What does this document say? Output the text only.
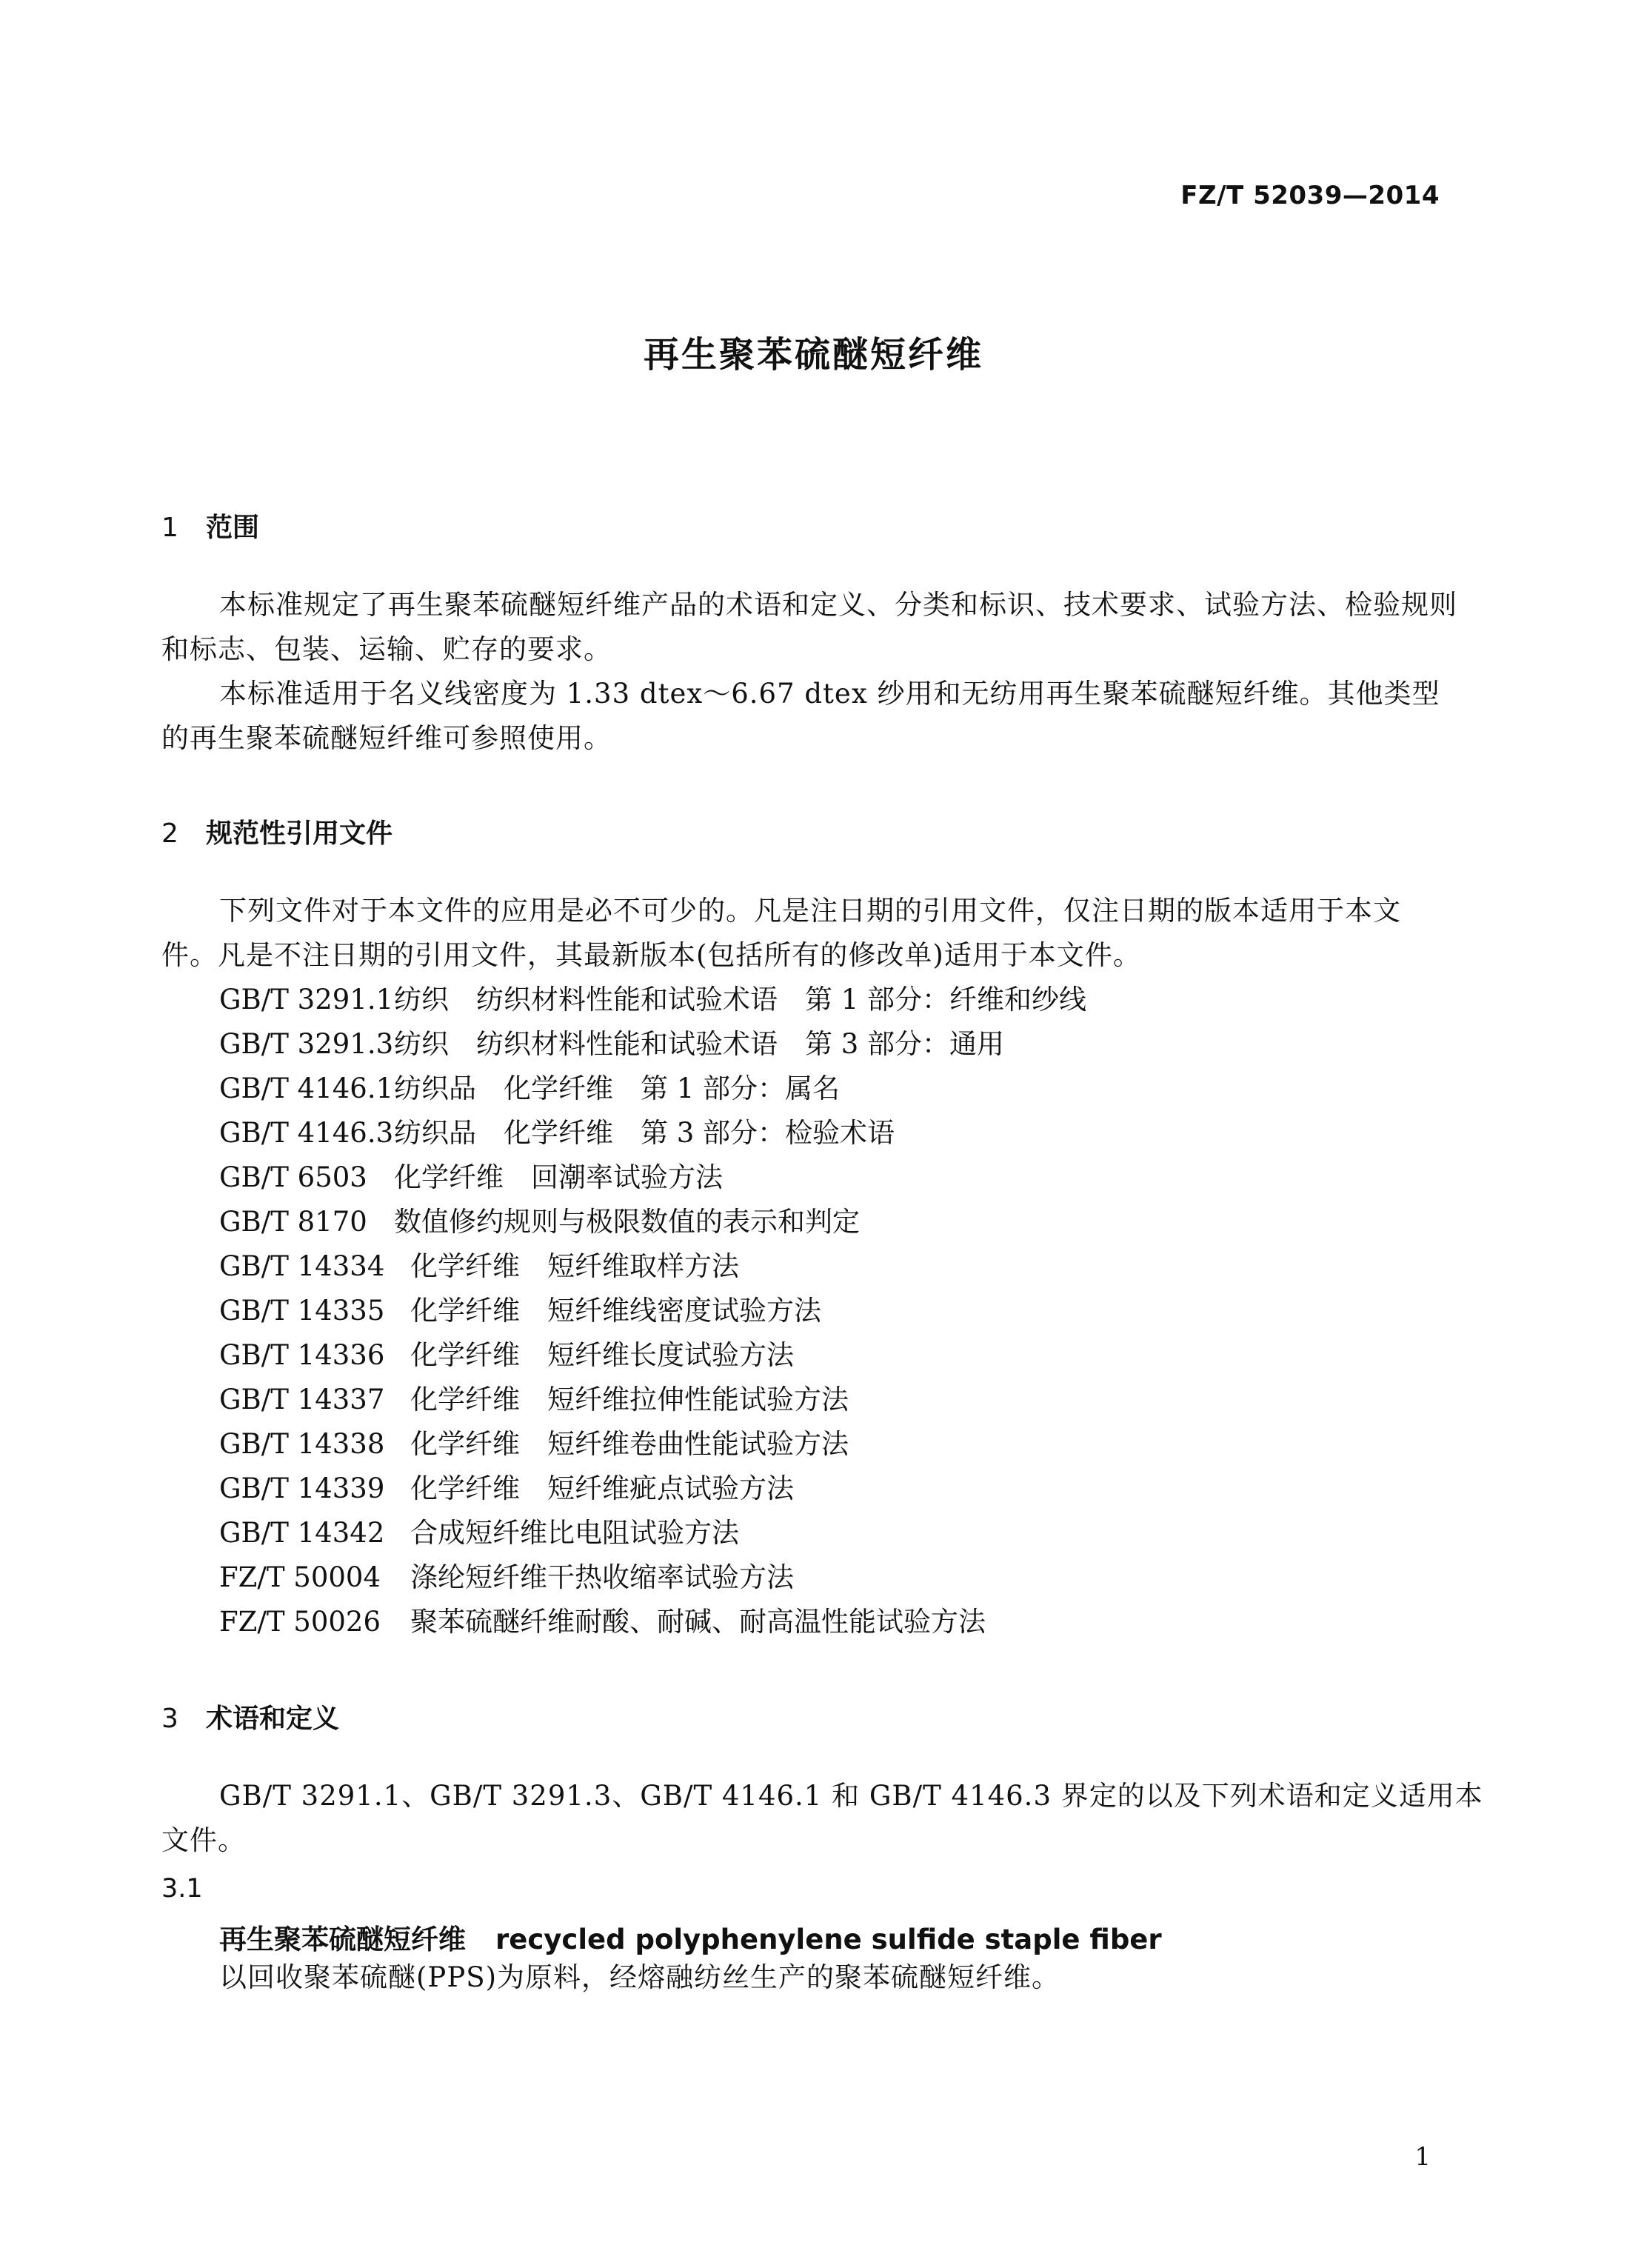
FZ/T 52039—2014
再生聚苯硫醚短纤维
1 范围
本标准规定了再生聚苯硫醚短纤维产品的术语和定义、分类和标识、技术要求、试验方法、检验规则
和标志、包装、运输、贮存的要求。
本标准适用于名义线密度为 1.33 dtex～6.67 dtex 纱用和无纺用再生聚苯硫醚短纤维。其他类型
的再生聚苯硫醚短纤维可参照使用。
2 规范性引用文件
下列文件对于本文件的应用是必不可少的。凡是注日期的引用文件，仅注日期的版本适用于本文
件。凡是不注日期的引用文件，其最新版本(包括所有的修改单)适用于本文件。
GB/T 3291.1纺织　纺织材料性能和试验术语　第 1 部分：纤维和纱线
GB/T 3291.3纺织　纺织材料性能和试验术语　第 3 部分：通用
GB/T 4146.1纺织品　化学纤维　第 1 部分：属名
GB/T 4146.3纺织品　化学纤维　第 3 部分：检验术语
GB/T 6503 化学纤维　回潮率试验方法
GB/T 8170 数值修约规则与极限数值的表示和判定
GB/T 14334 化学纤维　短纤维取样方法
GB/T 14335 化学纤维　短纤维线密度试验方法
GB/T 14336 化学纤维　短纤维长度试验方法
GB/T 14337 化学纤维　短纤维拉伸性能试验方法
GB/T 14338 化学纤维　短纤维卷曲性能试验方法
GB/T 14339 化学纤维　短纤维疵点试验方法
GB/T 14342 合成短纤维比电阻试验方法
FZ/T 50004 涤纶短纤维干热收缩率试验方法
FZ/T 50026 聚苯硫醚纤维耐酸、耐碱、耐高温性能试验方法
3 术语和定义
GB/T 3291.1、GB/T 3291.3、GB/T 4146.1 和 GB/T 4146.3 界定的以及下列术语和定义适用本
文件。
3.1
再生聚苯硫醚短纤维 recycled polyphenylene sulfide staple fiber
以回收聚苯硫醚(PPS)为原料，经熔融纺丝生产的聚苯硫醚短纤维。
1
